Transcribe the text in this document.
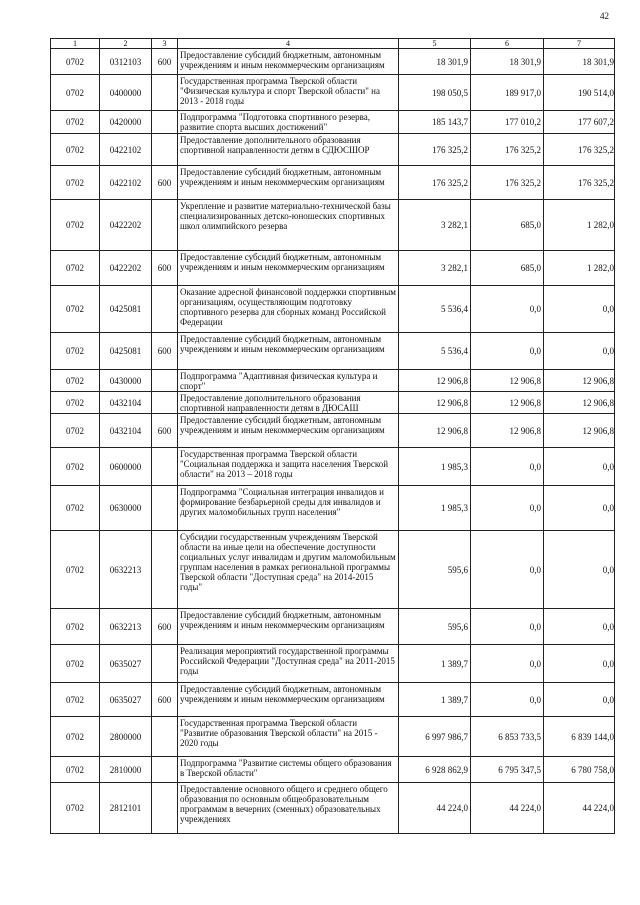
42
1	2	3	4	5	6	7
0702	0312103	600	Предоставление субсидий бюджетным, автономным учреждениям и иным некоммерческим организациям	18 301,9	18 301,9	18 301,9
0702	0400000		Государственная программа Тверской области "Физическая культура и спорт Тверской области" на 2013 - 2018 годы	198 050,5	189 917,0	190 514,0
0702	0420000		Подпрограмма "Подготовка спортивного резерва, развитие спорта высших достижений"	185 143,7	177 010,2	177 607,2
0702	0422102		Предоставление дополнительного образования спортивной направленности детям в СДЮСШОР	176 325,2	176 325,2	176 325,2
0702	0422102	600	Предоставление субсидий бюджетным, автономным учреждениям и иным некоммерческим организациям	176 325,2	176 325,2	176 325,2
0702	0422202		Укрепление и развитие материально-технической базы специализированных детско-юношеских спортивных школ олимпийского резерва	3 282,1	685,0	1 282,0
0702	0422202	600	Предоставление субсидий бюджетным, автономным учреждениям и иным некоммерческим организациям	3 282,1	685,0	1 282,0
0702	0425081		Оказание адресной финансовой поддержки спортивным организациям, осуществляющим подготовку спортивного резерва для сборных команд Российской Федерации	5 536,4	0,0	0,0
0702	0425081	600	Предоставление субсидий бюджетным, автономным учреждениям и иным некоммерческим организациям	5 536,4	0,0	0,0
0702	0430000		Подпрограмма "Адаптивная физическая культура и спорт"	12 906,8	12 906,8	12 906,8
0702	0432104		Предоставление дополнительного образования спортивной направленности детям в ДЮСАШ	12 906,8	12 906,8	12 906,8
0702	0432104	600	Предоставление субсидий бюджетным, автономным учреждениям и иным некоммерческим организациям	12 906,8	12 906,8	12 906,8
0702	0600000		Государственная программа Тверской области "Социальная поддержка и защита населения Тверской области" на 2013 – 2018 годы	1 985,3	0,0	0,0
0702	0630000		Подпрограмма "Социальная интеграция инвалидов и формирование безбарьерной среды для инвалидов и других маломобильных групп населения"	1 985,3	0,0	0,0
0702	0632213		Субсидии государственным учреждениям Тверской области на иные цели на обеспечение доступности социальных услуг инвалидам и другим маломобильным группам населения в рамках региональной программы Тверской области "Доступная среда" на 2014-2015 годы"	595,6	0,0	0,0
0702	0632213	600	Предоставление субсидий бюджетным, автономным учреждениям и иным некоммерческим организациям	595,6	0,0	0,0
0702	0635027		Реализация мероприятий государственной программы Российской Федерации "Доступная среда" на 2011-2015 годы	1 389,7	0,0	0,0
0702	0635027	600	Предоставление субсидий бюджетным, автономным учреждениям и иным некоммерческим организациям	1 389,7	0,0	0,0
0702	2800000		Государственная программа Тверской области "Развитие образования Тверской области" на 2015 - 2020 годы	6 997 986,7	6 853 733,5	6 839 144,0
0702	2810000		Подпрограмма "Развитие системы общего образования в Тверской области"	6 928 862,9	6 795 347,5	6 780 758,0
0702	2812101		Предоставление основного общего и среднего общего образования по основным общеобразовательным программам в вечерних (сменных) образовательных учреждениях	44 224,0	44 224,0	44 224,0
